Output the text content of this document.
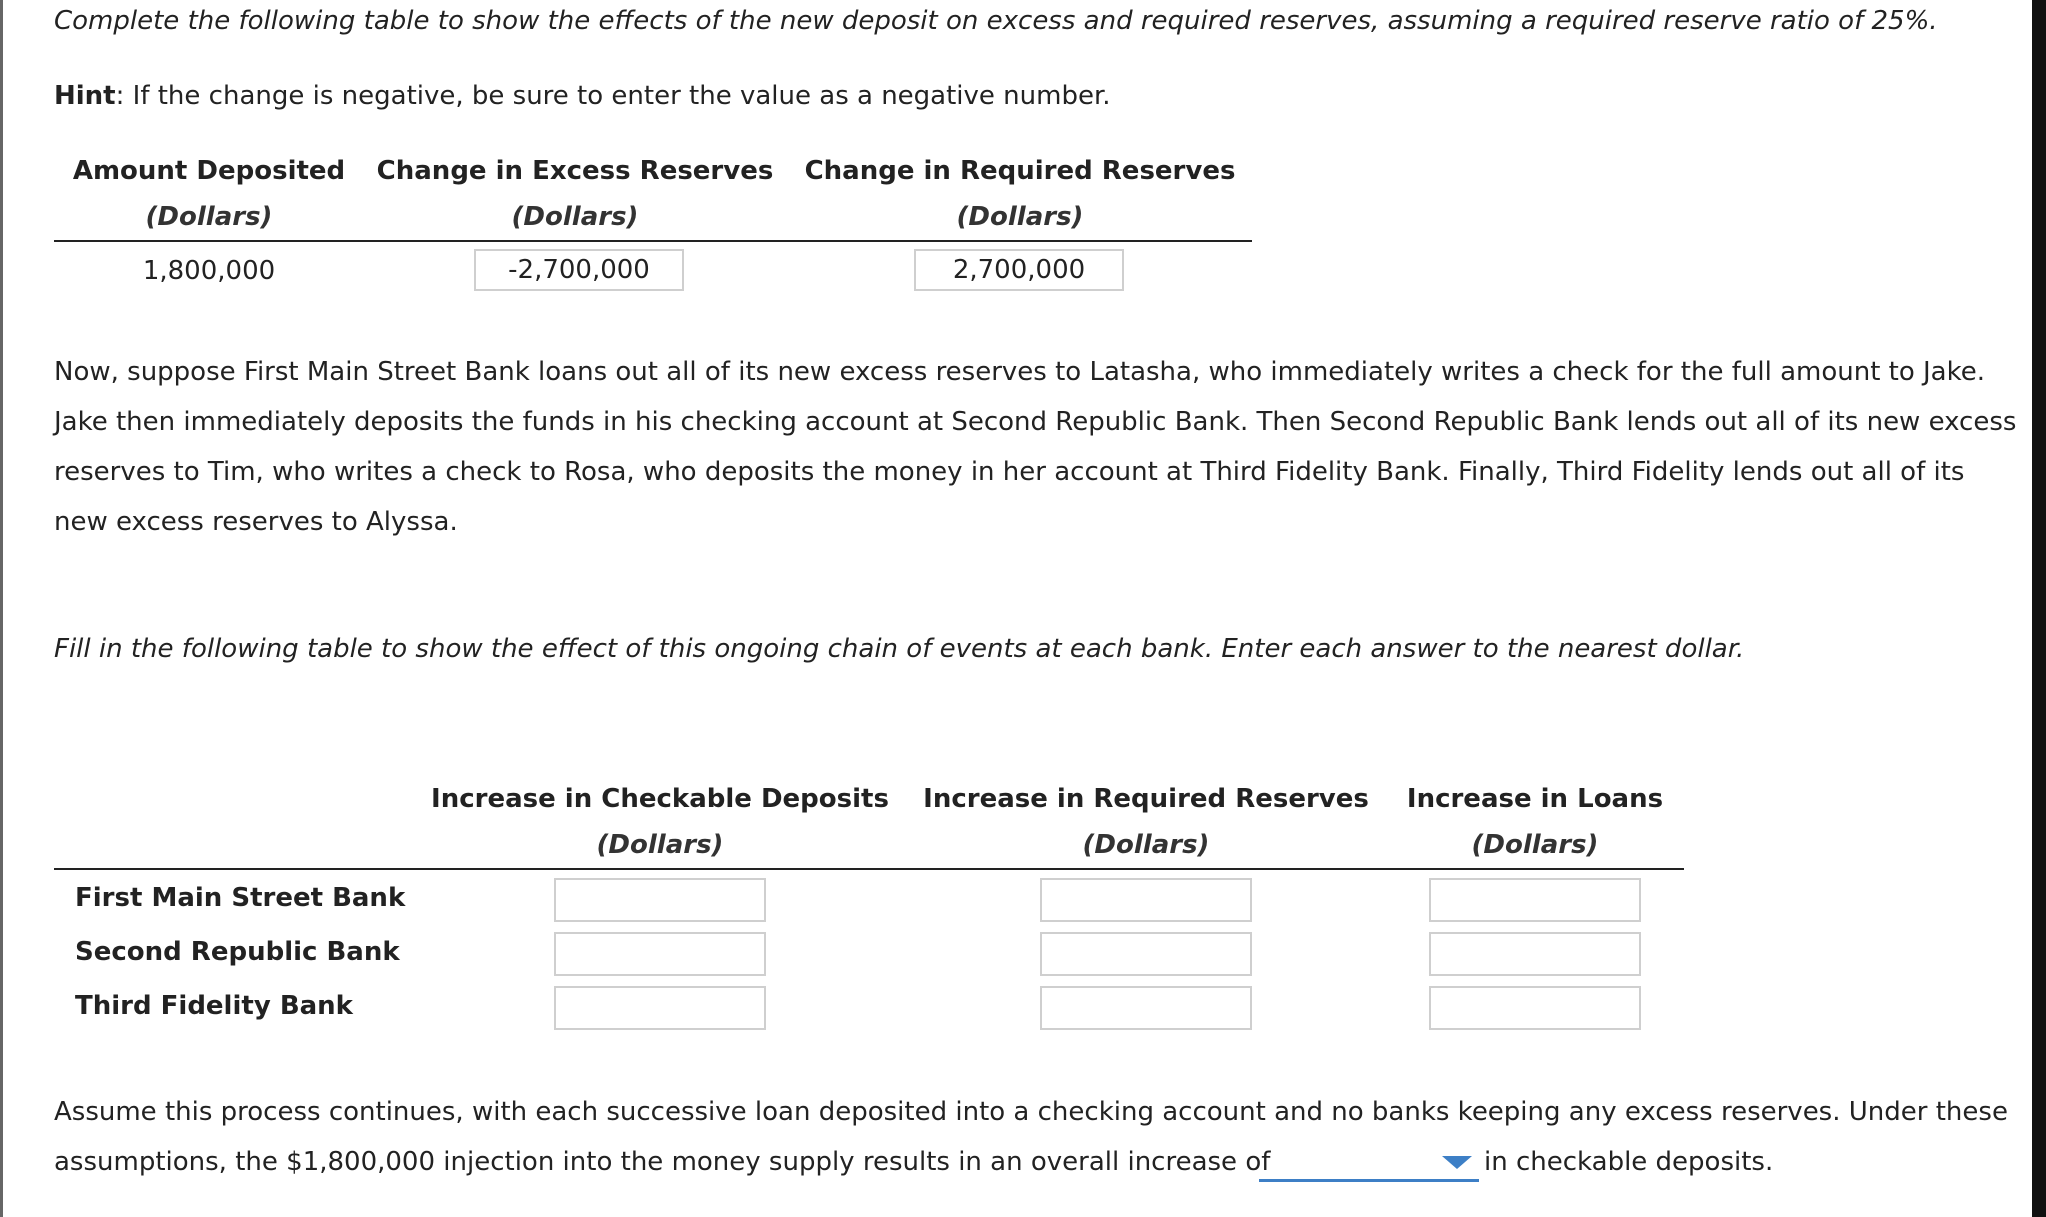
Complete the following table to show the effects of the new deposit on excess and required reserves, assuming a required reserve ratio of 25%.
Hint: If the change is negative, be sure to enter the value as a negative number.
Amount Deposited
(Dollars)
Change in Excess Reserves
(Dollars)
Change in Required Reserves
(Dollars)
1,800,000
-2,700,000
2,700,000
Now, suppose First Main Street Bank loans out all of its new excess reserves to Latasha, who immediately writes a check for the full amount to Jake.
Jake then immediately deposits the funds in his checking account at Second Republic Bank. Then Second Republic Bank lends out all of its new excess
reserves to Tim, who writes a check to Rosa, who deposits the money in her account at Third Fidelity Bank. Finally, Third Fidelity lends out all of its
new excess reserves to Alyssa.
Fill in the following table to show the effect of this ongoing chain of events at each bank. Enter each answer to the nearest dollar.
Increase in Checkable Deposits
(Dollars)
Increase in Required Reserves
(Dollars)
Increase in Loans
(Dollars)
First Main Street Bank
Second Republic Bank
Third Fidelity Bank
Assume this process continues, with each successive loan deposited into a checking account and no banks keeping any excess reserves. Under these
assumptions, the $1,800,000 injection into the money supply results in an overall increase of	in checkable deposits.
